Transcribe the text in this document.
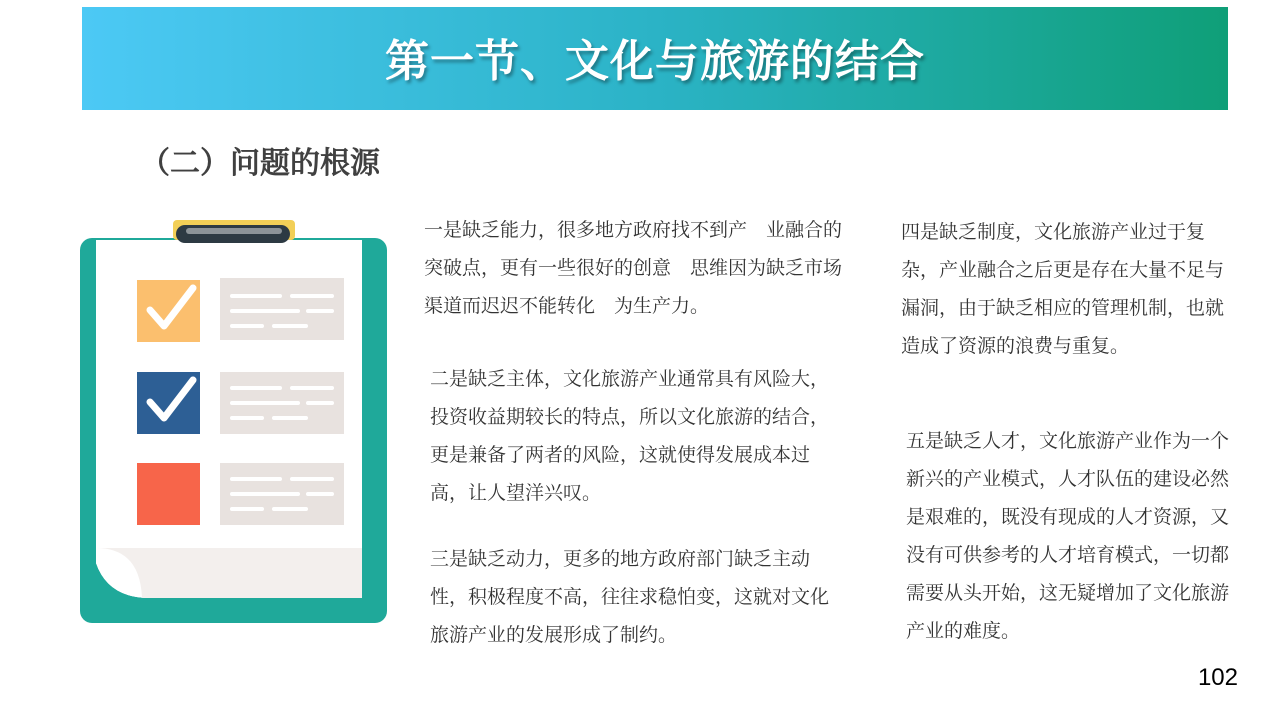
第一节、文化与旅游的结合
（二）问题的根源

一是缺乏能力，很多地方政府找不到产　业融合的突破点，更有一些很好的创意　思维因为缺乏市场渠道而迟迟不能转化　为生产力。

二是缺乏主体，文化旅游产业通常具有风险大，投资收益期较长的特点，所以文化旅游的结合，更是兼备了两者的风险，这就使得发展成本过高，让人望洋兴叹。

三是缺乏动力，更多的地方政府部门缺乏主动性，积极程度不高，往往求稳怕变，这就对文化旅游产业的发展形成了制约。

四是缺乏制度，文化旅游产业过于复杂，产业融合之后更是存在大量不足与漏洞，由于缺乏相应的管理机制，也就造成了资源的浪费与重复。

五是缺乏人才，文化旅游产业作为一个新兴的产业模式，人才队伍的建设必然是艰难的，既没有现成的人才资源，又没有可供参考的人才培育模式，一切都需要从头开始，这无疑增加了文化旅游产业的难度。

102
